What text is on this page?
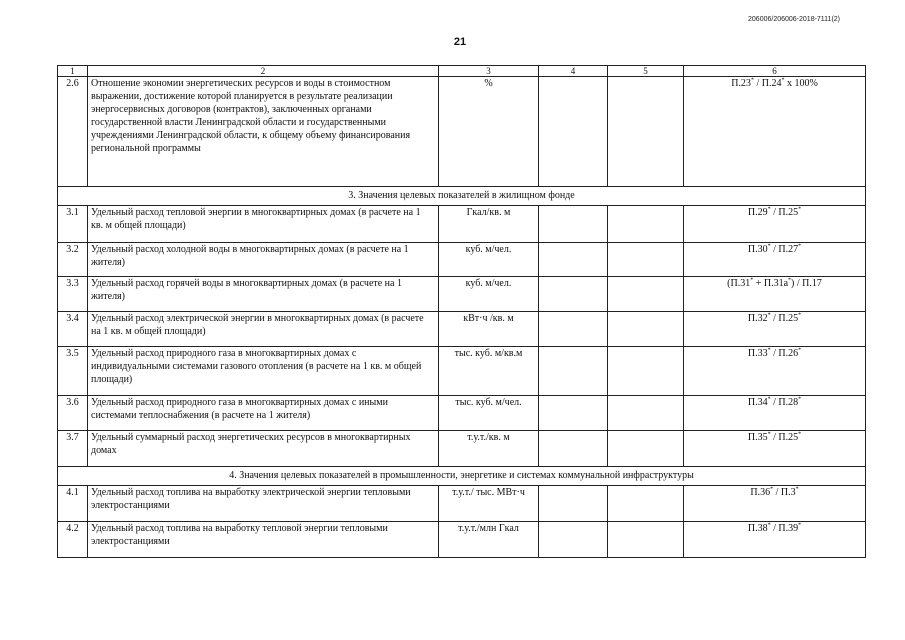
206006/206006-2018-7111(2)
21
1	2	3	4	5	6
2.6	Отношение экономии энергетических ресурсов и воды в стоимостном выражении, достижение которой планируется в результате реализации энергосервисных договоров (контрактов), заключенных органами государственной власти Ленинградской области и государственными учреждениями Ленинградской области, к общему объему финансирования региональной программы	%			П.23* / П.24* x 100%
3. Значения целевых показателей в жилищном фонде					
3.1	Удельный расход тепловой энергии в многоквартирных домах (в расчете на 1 кв. м общей площади)	Гкал/кв. м			П.29* / П.25*
3.2	Удельный расход холодной воды в многоквартирных домах (в расчете на 1 жителя)	куб. м/чел.			П.30* / П.27*
3.3	Удельный расход горячей воды в многоквартирных домах (в расчете на 1 жителя)	куб. м/чел.			(П.31* + П.31а*) / П.17
3.4	Удельный расход электрической энергии в многоквартирных домах (в расчете на 1 кв. м общей площади)	кВт·ч /кв. м			П.32* / П.25*
3.5	Удельный расход природного газа в многоквартирных домах с индивидуальными системами газового отопления (в расчете на 1 кв. м общей площади)	тыс. куб. м/кв.м			П.33* / П.26*
3.6	Удельный расход природного газа в многоквартирных домах с иными системами теплоснабжения (в расчете на 1 жителя)	тыс. куб. м/чел.			П.34* / П.28*
3.7	Удельный суммарный расход энергетических ресурсов в многоквартирных домах	т.у.т./кв. м			П.35* / П.25*
4. Значения целевых показателей в промышленности, энергетике и системах коммунальной инфраструктуры					
4.1	Удельный расход топлива на выработку электрической энергии тепловыми электростанциями	т.у.т./ тыс. МВт·ч			П.36* / П.3*
4.2	Удельный расход топлива на выработку тепловой энергии тепловыми электростанциями	т.у.т./млн Гкал			П.38* / П.39*
